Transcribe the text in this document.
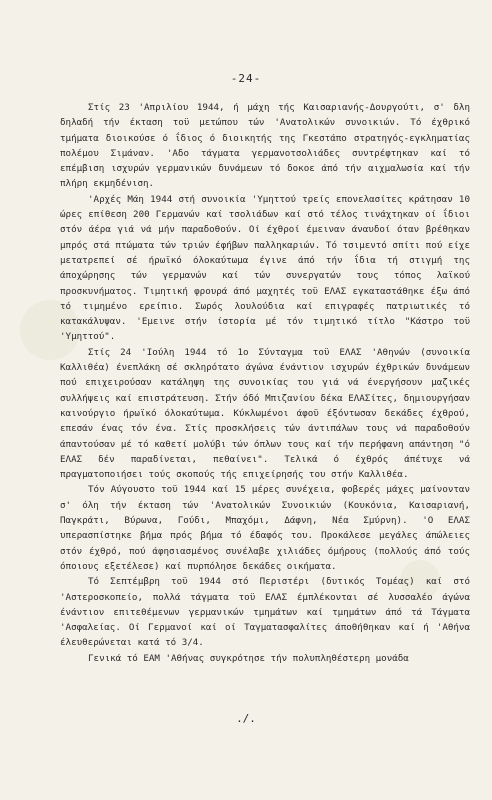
-24-

Στίς 23 'Απριλίου 1944, ή μάχη τής Καισαριανής-Δουργούτι, σ' δλη δηλαδή τήν έκταση τοϋ μετώπου τών 'Ανατολικών συνοικιών. Τό έχθρικό τμήματα διοικούσε ό ΐδιος ό διοικητής της Γκεστάπο στρατηγός-εγκληματίας πολέμου Σιμάναν. 'Αδο τάγματα γερμανοτσολιάδες συντρέφτηκαν καί τό επέμβιση ισχυρών γερμανικών δυνάμεων τό δοκοε άπό τήν αιχμαλωσία καί τήν πλήρη εκμηδένιση.

'Αρχές Μάη 1944 στή συνοικία 'Υμηττού τρείς επονελασίτες κράτησαν 10 ώρες επίθεση 200 Γερμανών καί τσολιάδων καί στό τέλος τινάχτηκαν οί ΐδιοι στόν άέρα γιά νά μήν παραδοθούν. Οί έχθροί έμειναν άναυδοί όταν βρέθηκαν μπρός στά πτώματα τών τριών έφήβων παλληκαριών. Τό τσιμεντό σπίτι πού είχε μετατρεπεί σέ ήρωϊκό όλοκαύτωμα έγινε άπό τήν ΐδια τή στιγμή της άποχώρησης τών γερμανών καί τών συνεργατών τους τόπος λαϊκού προσκυνήματος. Τιμητική φρουρά άπό μαχητές τοϋ ΕΛΑΣ εγκαταστάθηκε έξω άπό τό τιμημένο ερείπιο. Σωρός λουλούδια καί επιγραφές πατριωτικές τό κατακάλυψαν. 'Εμεινε στήν ίστορία μέ τόν τιμητικό τίτλο "Κάστρο τοϋ 'Υμηττού".

Στίς 24 'Ιούλη 1944 τό 1ο Σύνταγμα τοϋ ΕΛΑΣ 'Αθηνών (συνοικία Καλλιθέα) ένεπλάκη σέ σκληρότατο άγώνα ένάντιον ισχυρών έχθρικών δυνάμεων πού επιχειρούσαν κατάληψη της συνοικίας του γιά νά ένεργήσουν μαζικές συλλήψεις καί επιστράτευση. Στήν όδό Μπιζανίου δέκα ΕΛΑΣίτες, δημιουργήσαν καινούργιο ήρωϊκό όλοκαύτωμα. Κύκλωμένοι άφοϋ έξόντωσαν δεκάδες έχθρού, επεσάν ένας τόν ένα. Στίς προσκλήσεις τών άντιπάλων τους νά παραδοθούν άπαντούσαν μέ τό καθετί μολύβι τών όπλων τους καί τήν περήφανη απάντηση "ό ΕΛΑΣ δέν παραδίνεται, πεθαίνει". Τελικά ό έχθρός άπέτυχε νά πραγματοποιήσει τούς σκοπούς τής επιχείρησής του στήν Καλλιθέα.

Τόν Αύγουστο τοϋ 1944 καί 15 μέρες συνέχεια, φοβερές μάχες μαίνονταν σ' όλη τήν έκταση τών 'Ανατολικών Συνοικιών (Κουκόνια, Καισαριανή, Παγκράτι, Βύρωνα, Γούδι, Μπαχόμι, Δάφνη, Νέα Σμύρνη). 'Ο ΕΛΑΣ υπερασπίστηκε βήμα πρός βήμα τό έδαφός του. Προκάλεσε μεγάλες άπώλειες στόν έχθρό, πού άφησιασμένος συνέλαβε χιλιάδες όμήρους (πολλούς άπό τούς όποιους εξετέλεσε) καί πυρπόλησε δεκάδες οικήματα.

Τό Σεπτέμβρη τοϋ 1944 στό Περιστέρι (δυτικός Τομέας) καί στό 'Αστεροσκοπείο, πολλά τάγματα τοϋ ΕΛΑΣ έμπλέκονται σέ λυσσαλέο άγώνα ένάντιον επιτεθέμενων γερμανικών τμημάτων καί τμημάτων άπό τά Τάγματα 'Ασφαλείας. Οί Γερμανοί καί οί Ταγματασφαλίτες άποθήθηκαν καί ή 'Αθήνα έλευθερώνεται κατά τό 3/4.

Γενικά τό ΕΑΜ 'Αθήνας συγκρότησε τήν πολυπληθέστερη μονάδα

./.
